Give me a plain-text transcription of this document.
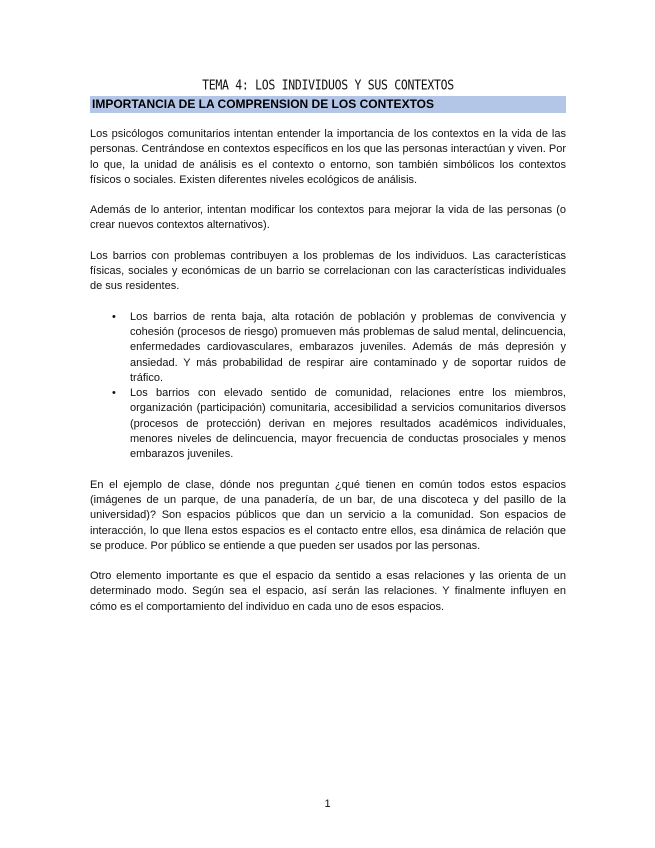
TEMA 4: LOS INDIVIDUOS Y SUS CONTEXTOS
IMPORTANCIA DE LA COMPRENSION DE LOS CONTEXTOS

Los psicólogos comunitarios intentan entender la importancia de los contextos en la vida de las personas. Centrándose en contextos específicos en los que las personas interactúan y viven. Por lo que, la unidad de análisis es el contexto o entorno, son también simbólicos los contextos físicos o sociales. Existen diferentes niveles ecológicos de análisis.

Además de lo anterior, intentan modificar los contextos para mejorar la vida de las personas (o crear nuevos contextos alternativos).

Los barrios con problemas contribuyen a los problemas de los individuos. Las características físicas, sociales y económicas de un barrio se correlacionan con las características individuales de sus residentes.

• Los barrios de renta baja, alta rotación de población y problemas de convivencia y cohesión (procesos de riesgo) promueven más problemas de salud mental, delincuencia, enfermedades cardiovasculares, embarazos juveniles. Además de más depresión y ansiedad. Y más probabilidad de respirar aire contaminado y de soportar ruidos de tráfico.
• Los barrios con elevado sentido de comunidad, relaciones entre los miembros, organización (participación) comunitaria, accesibilidad a servicios comunitarios diversos (procesos de protección) derivan en mejores resultados académicos individuales, menores niveles de delincuencia, mayor frecuencia de conductas prosociales y menos embarazos juveniles.

En el ejemplo de clase, dónde nos preguntan ¿qué tienen en común todos estos espacios (imágenes de un parque, de una panadería, de un bar, de una discoteca y del pasillo de la universidad)? Son espacios públicos que dan un servicio a la comunidad. Son espacios de interacción, lo que llena estos espacios es el contacto entre ellos, esa dinámica de relación que se produce. Por público se entiende a que pueden ser usados por las personas.

Otro elemento importante es que el espacio da sentido a esas relaciones y las orienta de un determinado modo. Según sea el espacio, así serán las relaciones. Y finalmente influyen en cómo es el comportamiento del individuo en cada uno de esos espacios.

1
